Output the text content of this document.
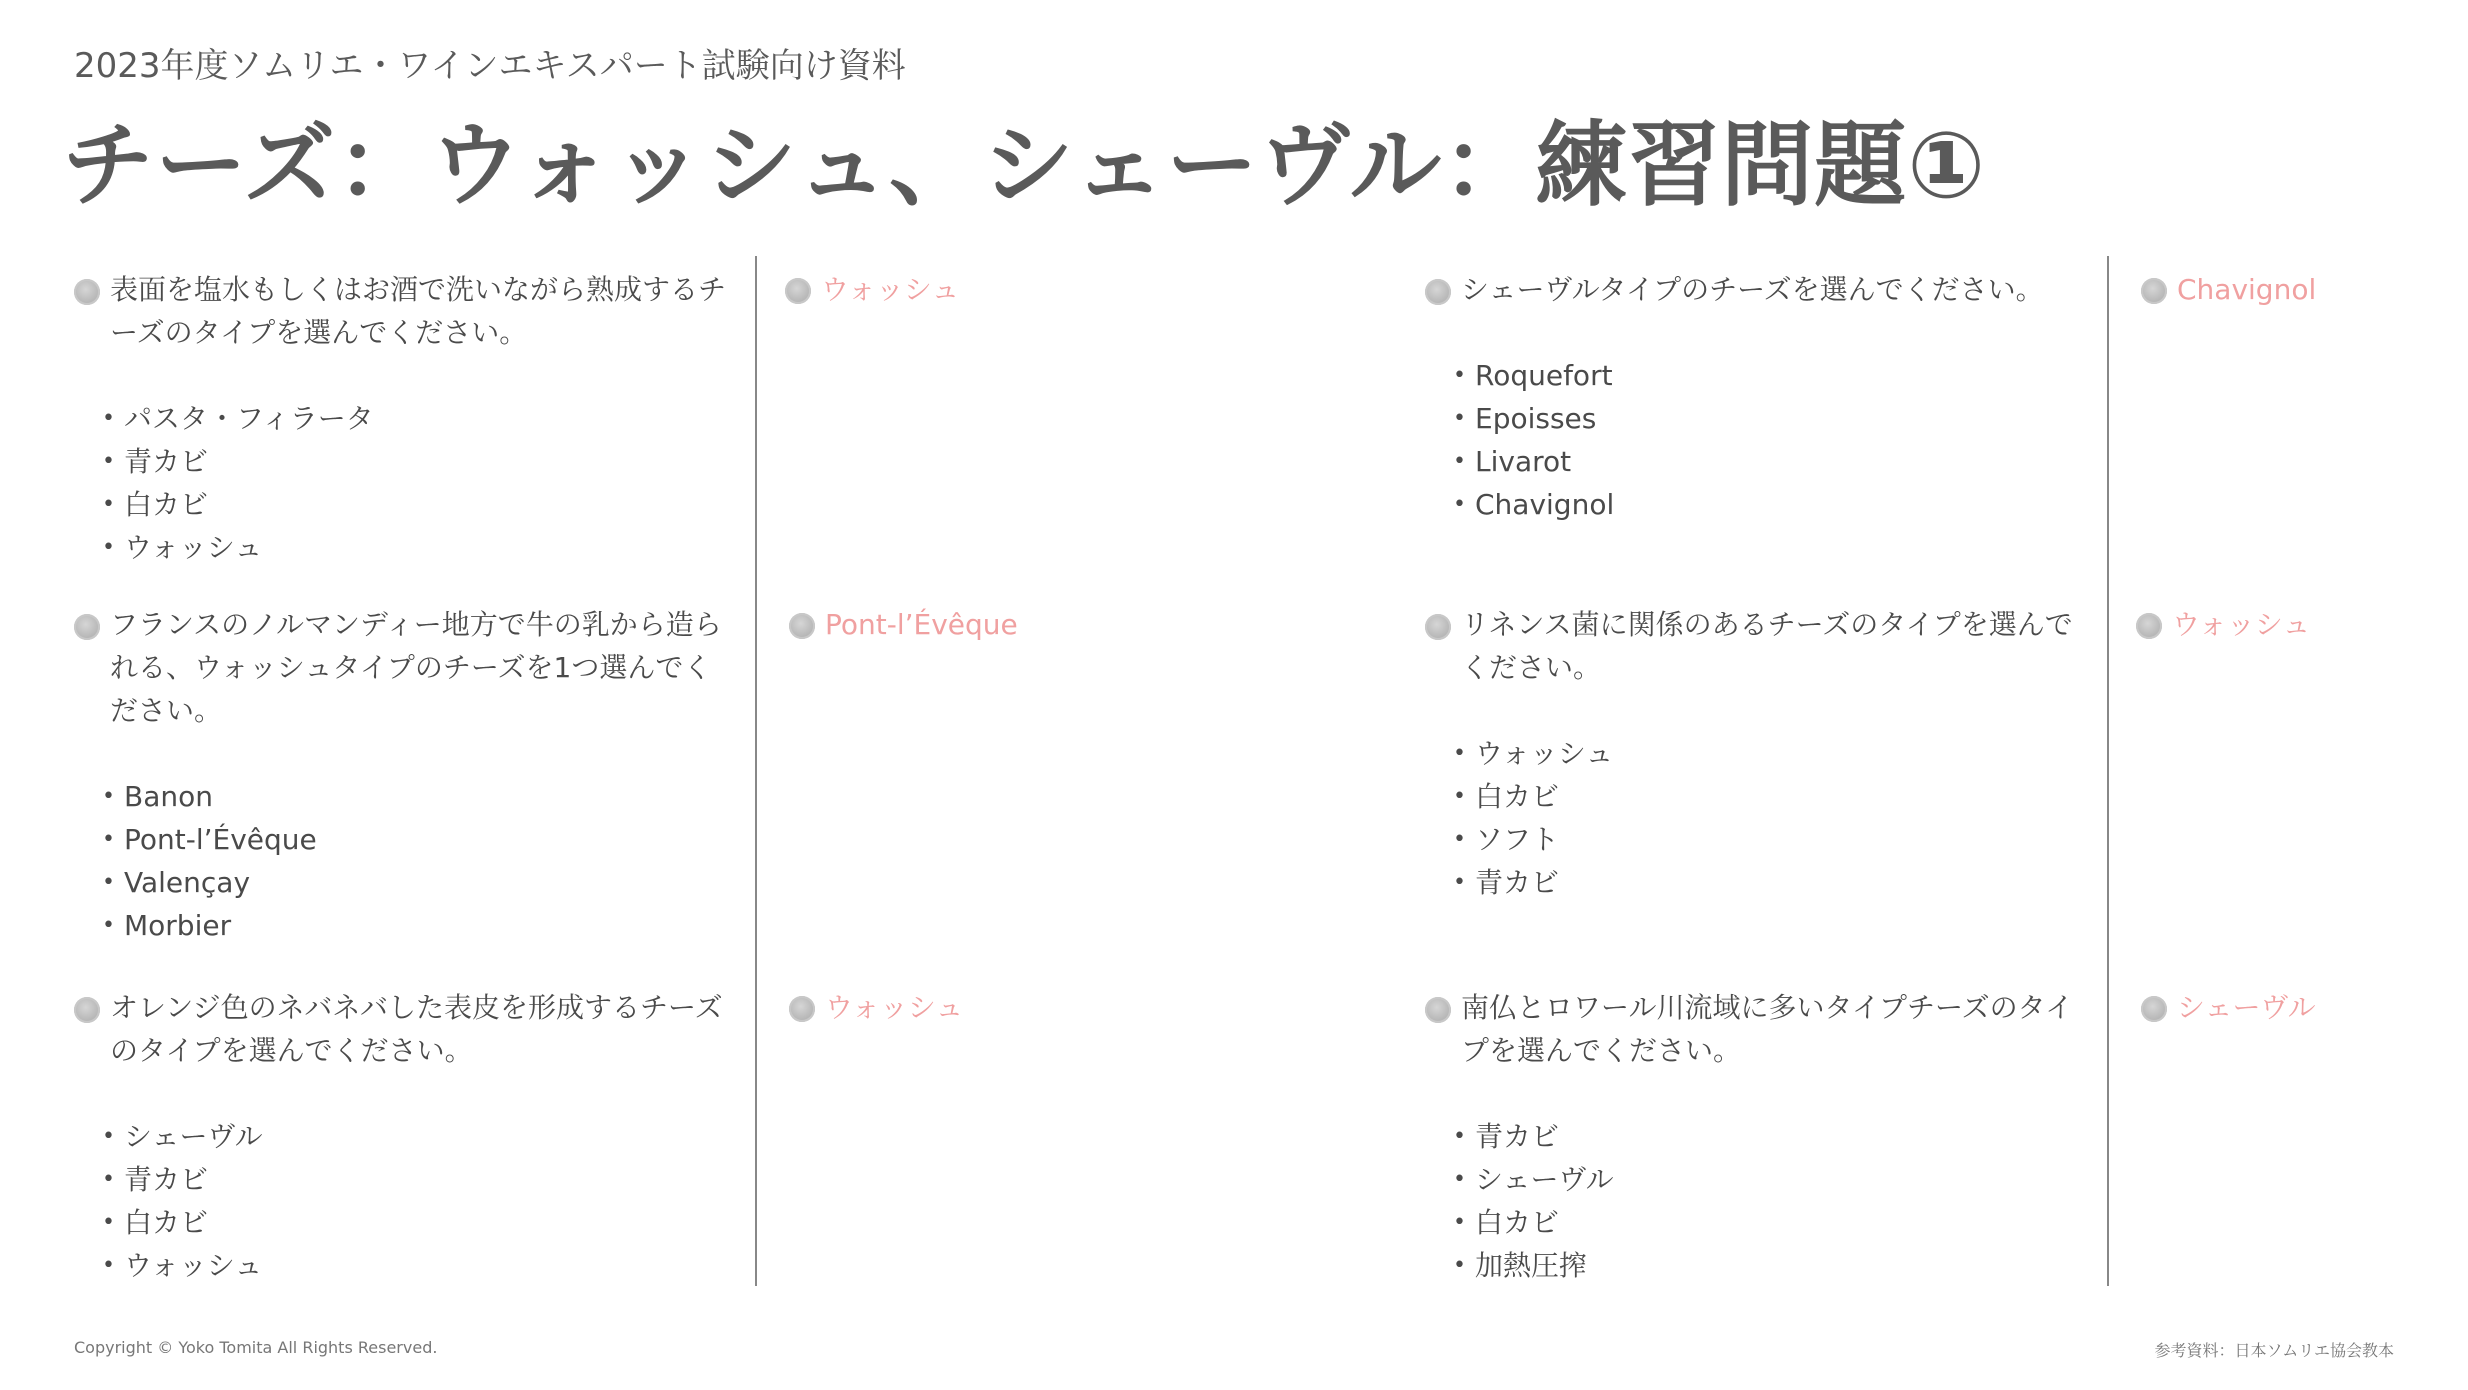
2023年度ソムリエ・ワインエキスパート試験向け資料
チーズ：ウォッシュ、シェーヴル：練習問題①

表面を塩水もしくはお酒で洗いながら熟成するチーズのタイプを選んでください。

• パスタ・フィラータ
• 青カビ
• 白カビ
• ウォッシュ
ウォッシュ

フランスのノルマンディー地方で牛の乳から造られる、ウォッシュタイプのチーズを1つ選んでください。

• Banon
• Pont-l’Évêque
• Valençay
• Morbier
Pont-l’Évêque

オレンジ色のネバネバした表皮を形成するチーズのタイプを選んでください。

• シェーヴル
• 青カビ
• 白カビ
• ウォッシュ
ウォッシュ

シェーヴルタイプのチーズを選んでください。

• Roquefort
• Epoisses
• Livarot
• Chavignol
Chavignol

リネンス菌に関係のあるチーズのタイプを選んでください。

• ウォッシュ
• 白カビ
• ソフト
• 青カビ
ウォッシュ

南仏とロワール川流域に多いタイプチーズのタイプを選んでください。

• 青カビ
• シェーヴル
• 白カビ
• 加熱圧搾
シェーヴル
Copyright © Yoko Tomita All Rights Reserved.	参考資料：日本ソムリエ協会教本
